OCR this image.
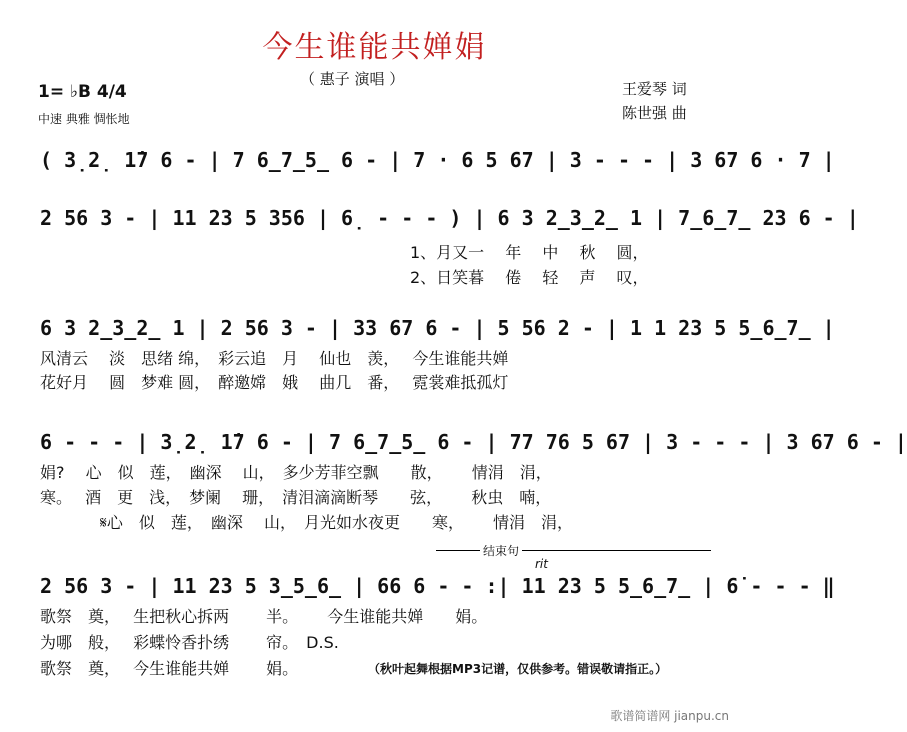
今生谁能共婵娟
（ 惠子 演唱 ）
王爱琴 词
陈世强 曲
1= ♭B 4/4
中速 典雅 惆怅地
( 3̣2̣ 1̇7 6 - | 7 6̲7̲5̲ 6 - | 7 · 6 5 67 | 3 - - - | 3 67 6 · 7 |
2 56 3 - | 11 23 5 356 | 6̣ - - - ) | 6 3 2̲3̲2̲ 1 | 7̲6̲7̲ 23 6 - |
1、月又一　 年　 中　 秋　 圆，
2、日笑暮　 倦　 轻　 声　 叹，
6 3 2̲3̲2̲ 1 | 2 56 3 - | 33 67 6 - | 5 56 2 - | 1 1 23 5 5̲6̲7̲ |
风清云　 淡　思绪 绵，　彩云追　月　 仙也　羡，　 今生谁能共婵
花好月　 圆　梦难 圆，　醉邀嫦　娥　 曲几　番，　 霓裳难抵孤灯
6 - - - | 3̣2̣ 1̇7 6 - | 7 6̲7̲5̲ 6 - | 77 76 5 67 | 3 - - - | 3 67 6 - |
娟?　 心　似　莲，　幽深　 山，　多少芳菲空飘　　散，　　 情涓　涓，
寒。　 酒　更　浅，　梦阑　 珊，　清泪滴滴断琴　　弦，　　 秋虫　喃，
𝄋心　似　莲，　幽深　 山，　月光如水夜更　　寒，　　 情涓　涓，
结束句
rit
2 56 3 - | 11 23 5 3̲5̲6̲ | 66 6 - - :| 11 23 5 5̲6̲7̲ | 6̇ - - - ‖
歌祭　奠，　 生把秋心拆两　　 半。　　 今生谁能共婵　　娟。
为哪　般，　 彩蝶怜香扑绣　　 帘。　D.S.
歌祭　奠，　 今生谁能共婵　　 娟。	（秋叶起舞根据MP3记谱，仅供参考。错误敬请指正。）
歌谱简谱网 jianpu.cn
